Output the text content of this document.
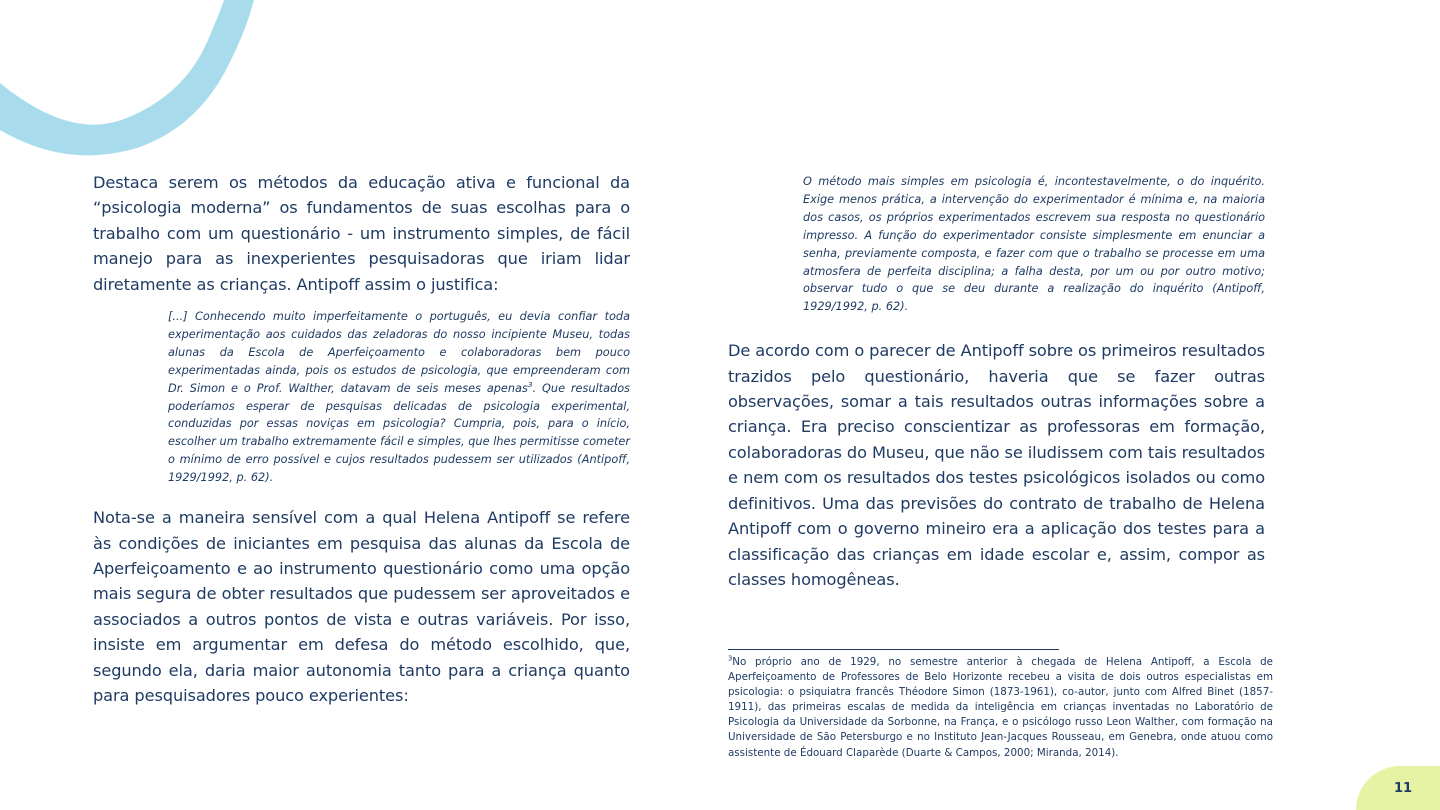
Destaca serem os métodos da educação ativa e funcional da “psicologia moderna” os fundamentos de suas escolhas para o trabalho com um questionário - um instrumento simples, de fácil manejo para as inexperientes pesquisadoras que iriam lidar diretamente as crianças. Antipoff assim o justifica:

[...] Conhecendo muito imperfeitamente o português, eu devia confiar toda experimentação aos cuidados das zeladoras do nosso incipiente Museu, todas alunas da Escola de Aperfeiçoamento e colaboradoras bem pouco experimentadas ainda, pois os estudos de psicologia, que empreenderam com Dr. Simon e o Prof. Walther, datavam de seis meses apenas$^3$. Que resultados poderíamos esperar de pesquisas delicadas de psicologia experimental, conduzidas por essas noviças em psicologia? Cumpria, pois, para o início, escolher um trabalho extremamente fácil e simples, que lhes permitisse cometer o mínimo de erro possível e cujos resultados pudessem ser utilizados (Antipoff, 1929/1992, p. 62).

Nota-se a maneira sensível com a qual Helena Antipoff se refere às condições de iniciantes em pesquisa das alunas da Escola de Aperfeiçoamento e ao instrumento questionário como uma opção mais segura de obter resultados que pudessem ser aproveitados e associados a outros pontos de vista e outras variáveis. Por isso, insiste em argumentar em defesa do método escolhido, que, segundo ela, daria maior autonomia tanto para a criança quanto para pesquisadores pouco experientes:

O método mais simples em psicologia é, incontestavelmente, o do inquérito. Exige menos prática, a intervenção do experimentador é mínima e, na maioria dos casos, os próprios experimentados escrevem sua resposta no questionário impresso. A função do experimentador consiste simplesmente em enunciar a senha, previamente composta, e fazer com que o trabalho se processe em uma atmosfera de perfeita disciplina; a falha desta, por um ou por outro motivo; observar tudo o que se deu durante a realização do inquérito (Antipoff, 1929/1992, p. 62).

De acordo com o parecer de Antipoff sobre os primeiros resultados trazidos pelo questionário, haveria que se fazer outras observações, somar a tais resultados outras informações sobre a criança. Era preciso conscientizar as professoras em formação, colaboradoras do Museu, que não se iludissem com tais resultados e nem com os resultados dos testes psicológicos isolados ou como definitivos. Uma das previsões do contrato de trabalho de Helena Antipoff com o governo mineiro era a aplicação dos testes para a classificação das crianças em idade escolar e, assim, compor as classes homogêneas.

$^3$No próprio ano de 1929, no semestre anterior à chegada de Helena Antipoff, a Escola de Aperfeiçoamento de Professores de Belo Horizonte recebeu a visita de dois outros especialistas em psicologia: o psiquiatra francês Théodore Simon (1873-1961), co-autor, junto com Alfred Binet (1857-1911), das primeiras escalas de medida da inteligência em crianças inventadas no Laboratório de Psicologia da Universidade da Sorbonne, na França, e o psicólogo russo Leon Walther, com formação na Universidade de São Petersburgo e no Instituto Jean-Jacques Rousseau, em Genebra, onde atuou como assistente de Édouard Claparède (Duarte & Campos, 2000; Miranda, 2014).

11
